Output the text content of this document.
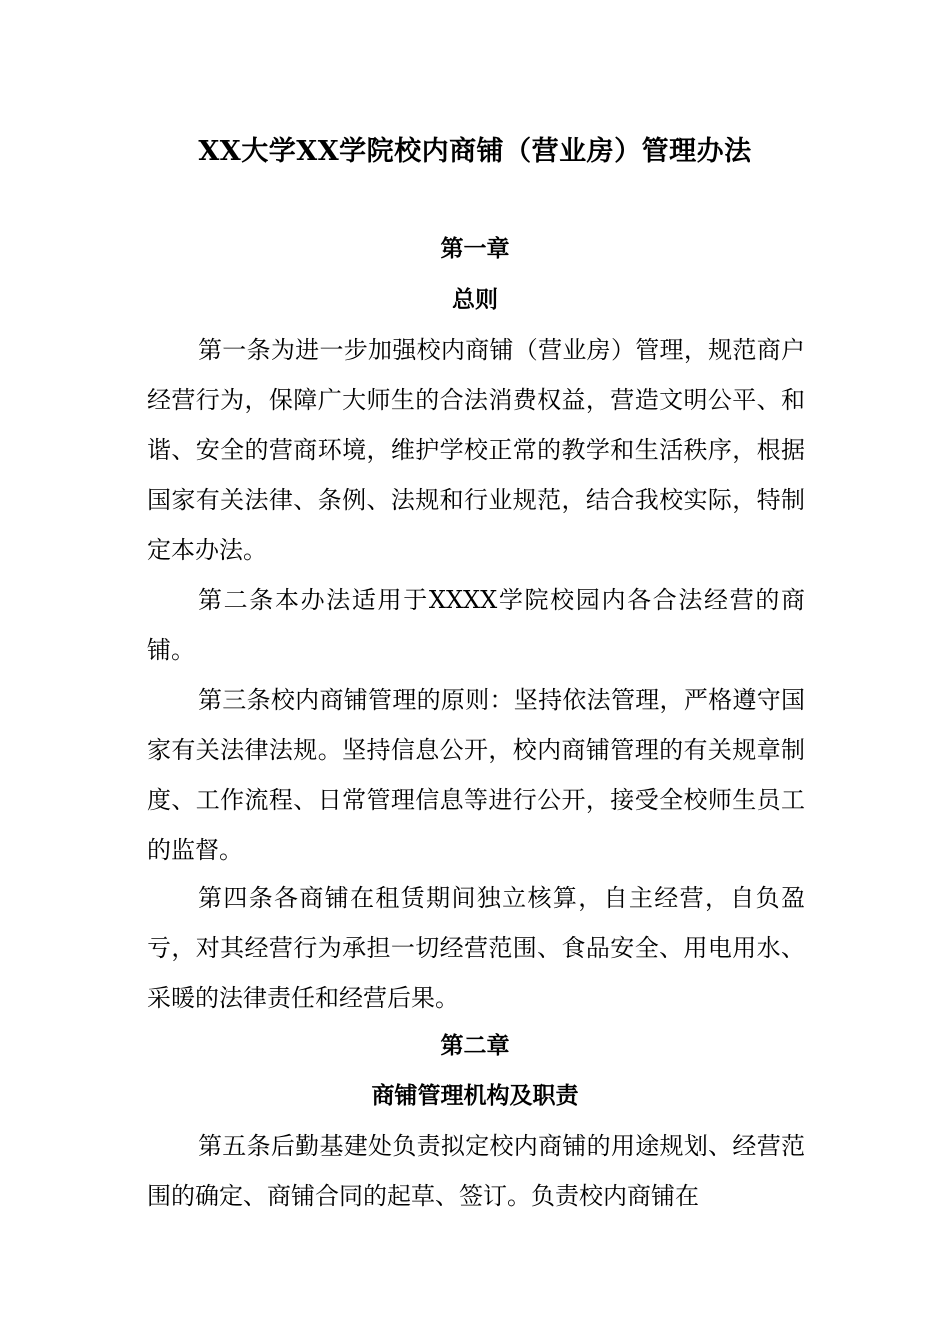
XX大学XX学院校内商铺（营业房）管理办法
第一章
总则

第一条为进一步加强校内商铺（营业房）管理，规范商户经营行为，保障广大师生的合法消费权益，营造文明公平、和谐、安全的营商环境，维护学校正常的教学和生活秩序，根据国家有关法律、条例、法规和行业规范，结合我校实际，特制定本办法。

第二条本办法适用于XXXX学院校园内各合法经营的商铺。

第三条校内商铺管理的原则：坚持依法管理，严格遵守国家有关法律法规。坚持信息公开，校内商铺管理的有关规章制度、工作流程、日常管理信息等进行公开，接受全校师生员工的监督。

第四条各商铺在租赁期间独立核算，自主经营，自负盈亏，对其经营行为承担一切经营范围、食品安全、用电用水、采暖的法律责任和经营后果。

第二章
商铺管理机构及职责

第五条后勤基建处负责拟定校内商铺的用途规划、经营范围的确定、商铺合同的起草、签订。负责校内商铺在
